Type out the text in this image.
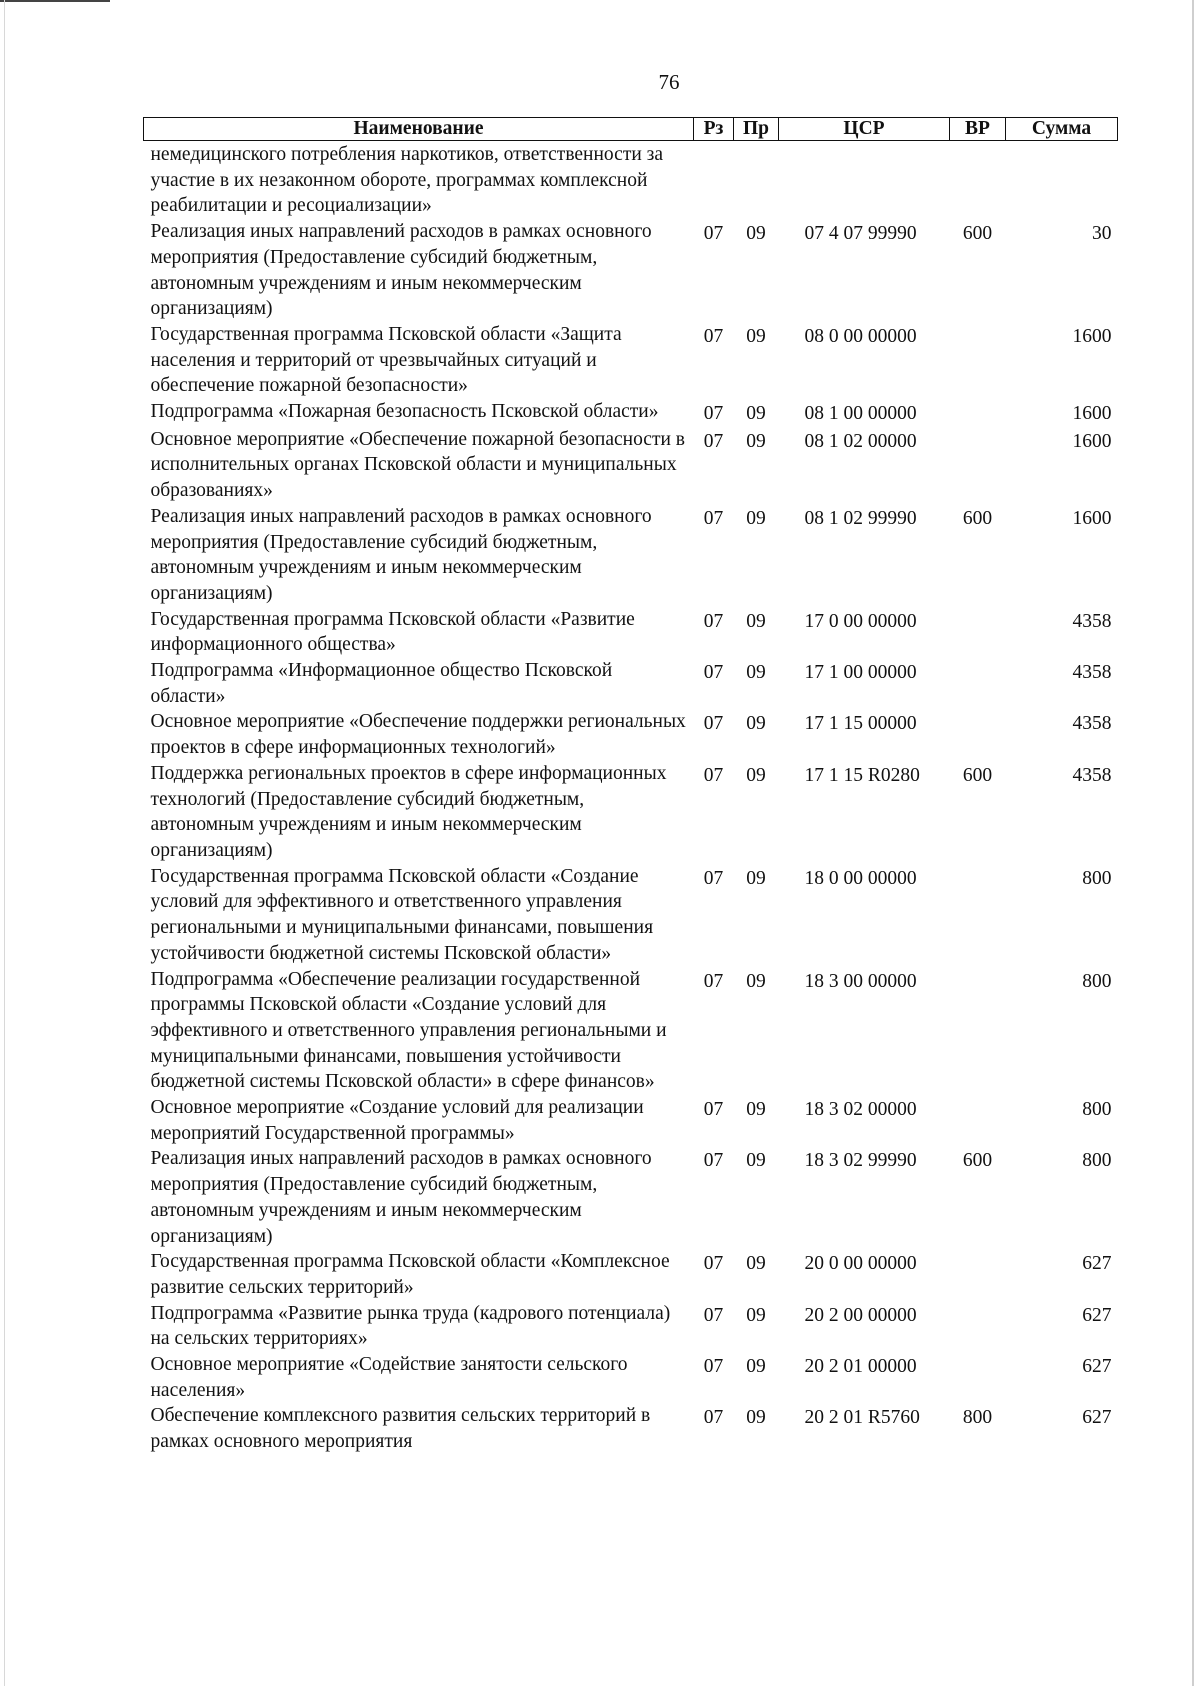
76
Наименование	Рз	Пр	ЦСР	ВР	Сумма
немедицинского потребления наркотиков, ответственности за участие в их незаконном обороте, программах комплексной реабилитации и ресоциализации»					
Реализация иных направлений расходов в рамках основного мероприятия (Предоставление субсидий бюджетным, автономным учреждениям и иным некоммерческим организациям)	07	09	07 4 07 99990	600	30
Государственная программа Псковской области «Защита населения и территорий от чрезвычайных ситуаций и обеспечение пожарной безопасности»	07	09	08 0 00 00000		1600
Подпрограмма «Пожарная безопасность Псковской области»	07	09	08 1 00 00000		1600
Основное мероприятие «Обеспечение пожарной безопасности в исполнительных органах Псковской области и муниципальных образованиях»	07	09	08 1 02 00000		1600
Реализация иных направлений расходов в рамках основного мероприятия (Предоставление субсидий бюджетным, автономным учреждениям и иным некоммерческим организациям)	07	09	08 1 02 99990	600	1600
Государственная программа Псковской области «Развитие информационного общества»	07	09	17 0 00 00000		4358
Подпрограмма «Информационное общество Псковской области»	07	09	17 1 00 00000		4358
Основное мероприятие «Обеспечение поддержки региональных проектов в сфере информационных технологий»	07	09	17 1 15 00000		4358
Поддержка региональных проектов в сфере информационных технологий (Предоставление субсидий бюджетным, автономным учреждениям и иным некоммерческим организациям)	07	09	17 1 15 R0280	600	4358
Государственная программа Псковской области «Создание условий для эффективного и ответственного управления региональными и муниципальными финансами, повышения устойчивости бюджетной системы Псковской области»	07	09	18 0 00 00000		800
Подпрограмма «Обеспечение реализации государственной программы Псковской области «Создание условий для эффективного и ответственного управления региональными и муниципальными финансами, повышения устойчивости бюджетной системы Псковской области» в сфере финансов»	07	09	18 3 00 00000		800
Основное мероприятие «Создание условий для реализации мероприятий Государственной программы»	07	09	18 3 02 00000		800
Реализация иных направлений расходов в рамках основного мероприятия (Предоставление субсидий бюджетным, автономным учреждениям и иным некоммерческим организациям)	07	09	18 3 02 99990	600	800
Государственная программа Псковской области «Комплексное развитие сельских территорий»	07	09	20 0 00 00000		627
Подпрограмма «Развитие рынка труда (кадрового потенциала) на сельских территориях»	07	09	20 2 00 00000		627
Основное мероприятие «Содействие занятости сельского населения»	07	09	20 2 01 00000		627
Обеспечение комплексного развития сельских территорий в рамках основного мероприятия	07	09	20 2 01 R5760	800	627
